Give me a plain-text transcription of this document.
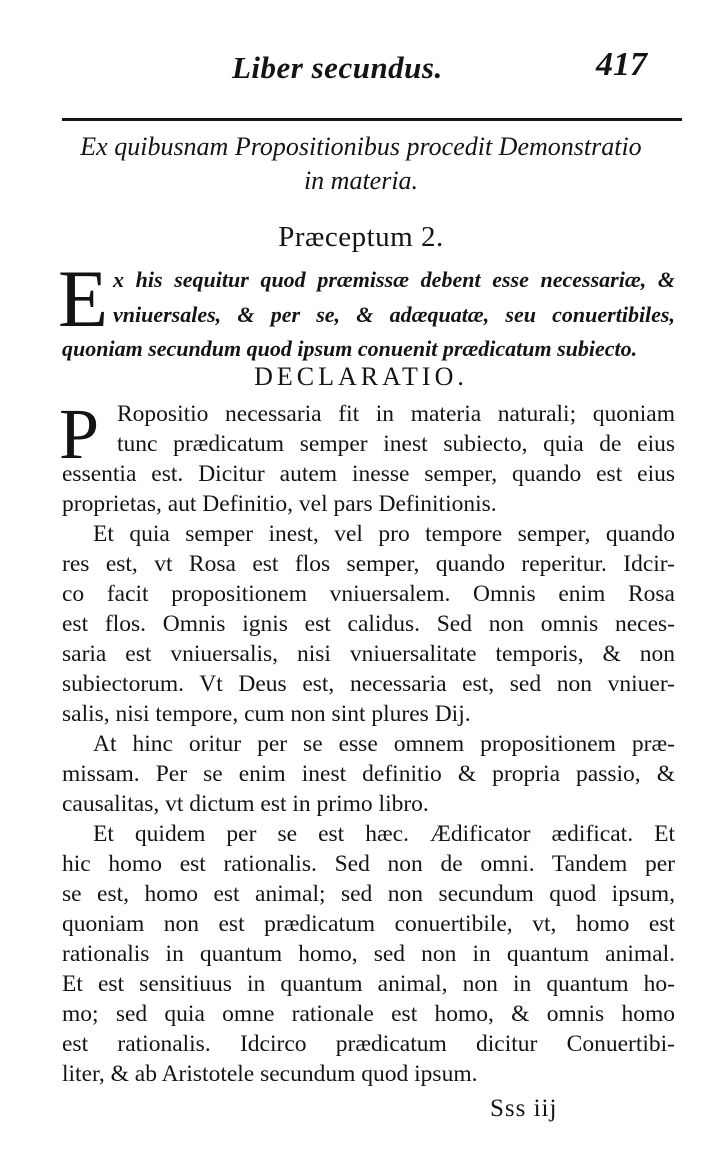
Liber secundus.	417
Ex quibusnam Propositionibus procedit Demonstratio
in materia.
Præceptum 2.
E x his sequitur quod præmissæ debent esse necessariæ, &
vniuersales, & per se, & adæquatæ, seu conuertibiles,
quoniam secundum quod ipsum conuenit prædicatum subiecto.
DECLARATIO.
P Ropositio necessaria fit in materia naturali; quoniam
tunc prædicatum semper inest subiecto, quia de eius
essentia est. Dicitur autem inesse semper, quando est eius
proprietas, aut Definitio, vel pars Definitionis.
Et quia semper inest, vel pro tempore semper, quando
res est, vt Rosa est flos semper, quando reperitur. Idcir-
co facit propositionem vniuersalem. Omnis enim Rosa
est flos. Omnis ignis est calidus. Sed non omnis neces-
saria est vniuersalis, nisi vniuersalitate temporis, & non
subiectorum. Vt Deus est, necessaria est, sed non vniuer-
salis, nisi tempore, cum non sint plures Dij.
At hinc oritur per se esse omnem propositionem præ-
missam. Per se enim inest definitio & propria passio, &
causalitas, vt dictum est in primo libro.
Et quidem per se est hæc. Ædificator ædificat. Et
hic homo est rationalis. Sed non de omni. Tandem per
se est, homo est animal; sed non secundum quod ipsum,
quoniam non est prædicatum conuertibile, vt, homo est
rationalis in quantum homo, sed non in quantum animal.
Et est sensitiuus in quantum animal, non in quantum ho-
mo; sed quia omne rationale est homo, & omnis homo
est rationalis. Idcirco prædicatum dicitur Conuertibi-
liter, & ab Aristotele secundum quod ipsum.
Sss iij
